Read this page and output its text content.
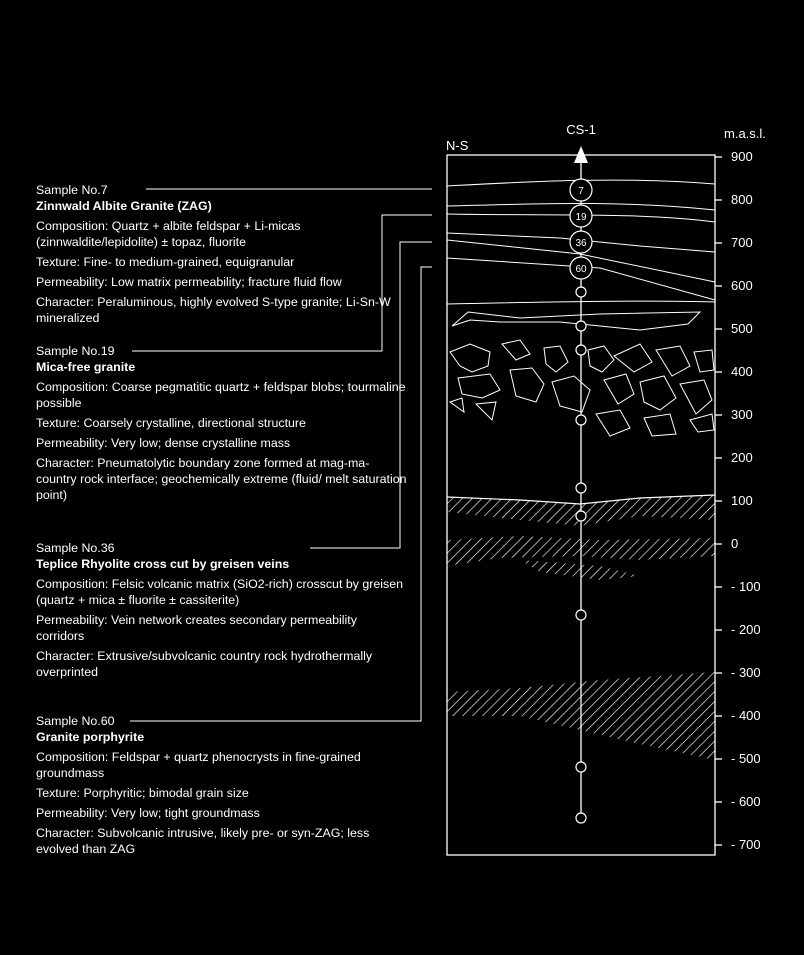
CS-1
N-S
m.a.s.l.
7
19
36
60
900
800
700
600
500
400
300
200
100
0
- 100
- 200
- 300
- 400
- 500
- 600
- 700
Sample No.7
Zinnwald Albite Granite (ZAG)

Composition: Quartz + albite feldspar + Li-micas (zinnwaldite/lepidolite) ± topaz, fluorite

Texture: Fine- to medium-grained, equigranular

Permeability: Low matrix permeability; fracture fluid flow

Character: Peraluminous, highly evolved S-type granite; Li-Sn-W mineralized

Sample No.19
Mica-free granite

Composition: Coarse pegmatitic quartz + feldspar blobs; tourmaline possible

Texture: Coarsely crystalline, directional structure

Permeability: Very low; dense crystalline mass

Character: Pneumatolytic boundary zone formed at mag-ma-country rock interface; geochemically extreme (fluid/ melt saturation point)

Sample No.36
Teplice Rhyolite cross cut by greisen veins

Composition: Felsic volcanic matrix (SiO2-rich) crosscut by greisen (quartz + mica ± fluorite ± cassiterite)

Permeability: Vein network creates secondary permeability corridors

Character: Extrusive/subvolcanic country rock hydrothermally overprinted

Sample No.60
Granite porphyrite

Composition: Feldspar + quartz phenocrysts in fine-grained groundmass

Texture: Porphyritic; bimodal grain size

Permeability: Very low; tight groundmass

Character: Subvolcanic intrusive, likely pre- or syn-ZAG; less evolved than ZAG
